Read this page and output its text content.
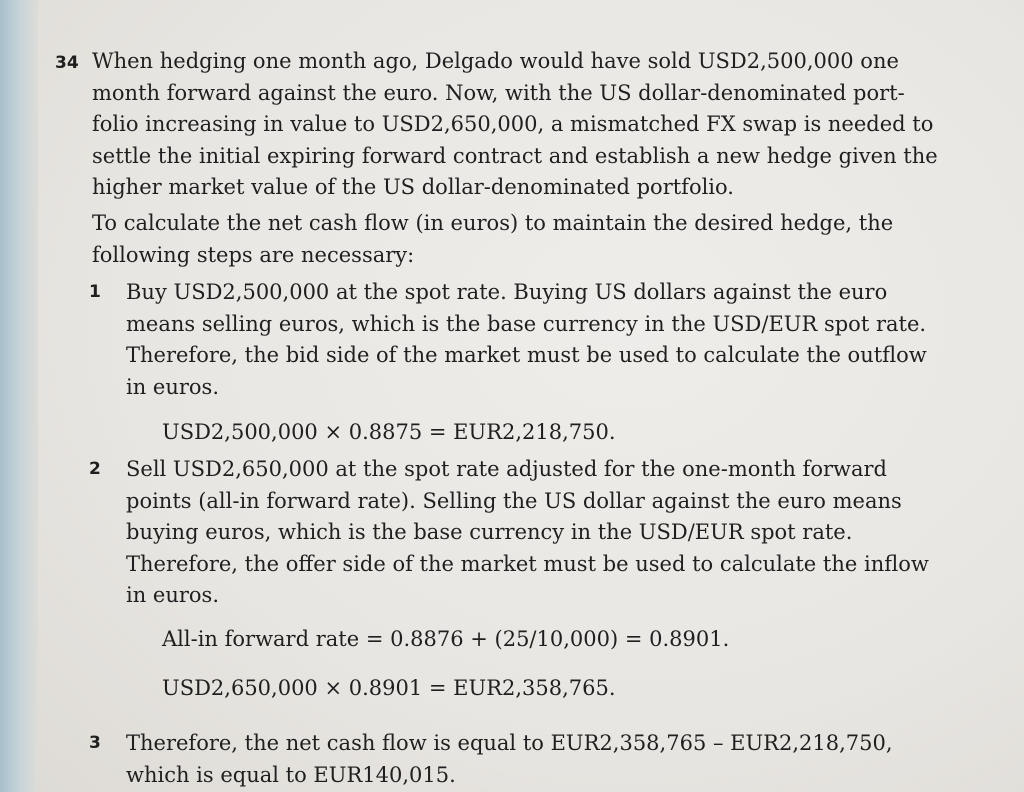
34 When hedging one month ago, Delgado would have sold USD2,500,000 one
month forward against the euro. Now, with the US dollar-denominated port-
folio increasing in value to USD2,650,000, a mismatched FX swap is needed to
settle the initial expiring forward contract and establish a new hedge given the
higher market value of the US dollar-denominated portfolio.
To calculate the net cash flow (in euros) to maintain the desired hedge, the
following steps are necessary:
1 Buy USD2,500,000 at the spot rate. Buying US dollars against the euro
means selling euros, which is the base currency in the USD/EUR spot rate.
Therefore, the bid side of the market must be used to calculate the outflow
in euros.
USD2,500,000 × 0.8875 = EUR2,218,750.
2 Sell USD2,650,000 at the spot rate adjusted for the one-month forward
points (all-in forward rate). Selling the US dollar against the euro means
buying euros, which is the base currency in the USD/EUR spot rate.
Therefore, the offer side of the market must be used to calculate the inflow
in euros.
All-in forward rate = 0.8876 + (25/10,000) = 0.8901.
USD2,650,000 × 0.8901 = EUR2,358,765.
3 Therefore, the net cash flow is equal to EUR2,358,765 – EUR2,218,750,
which is equal to EUR140,015.
